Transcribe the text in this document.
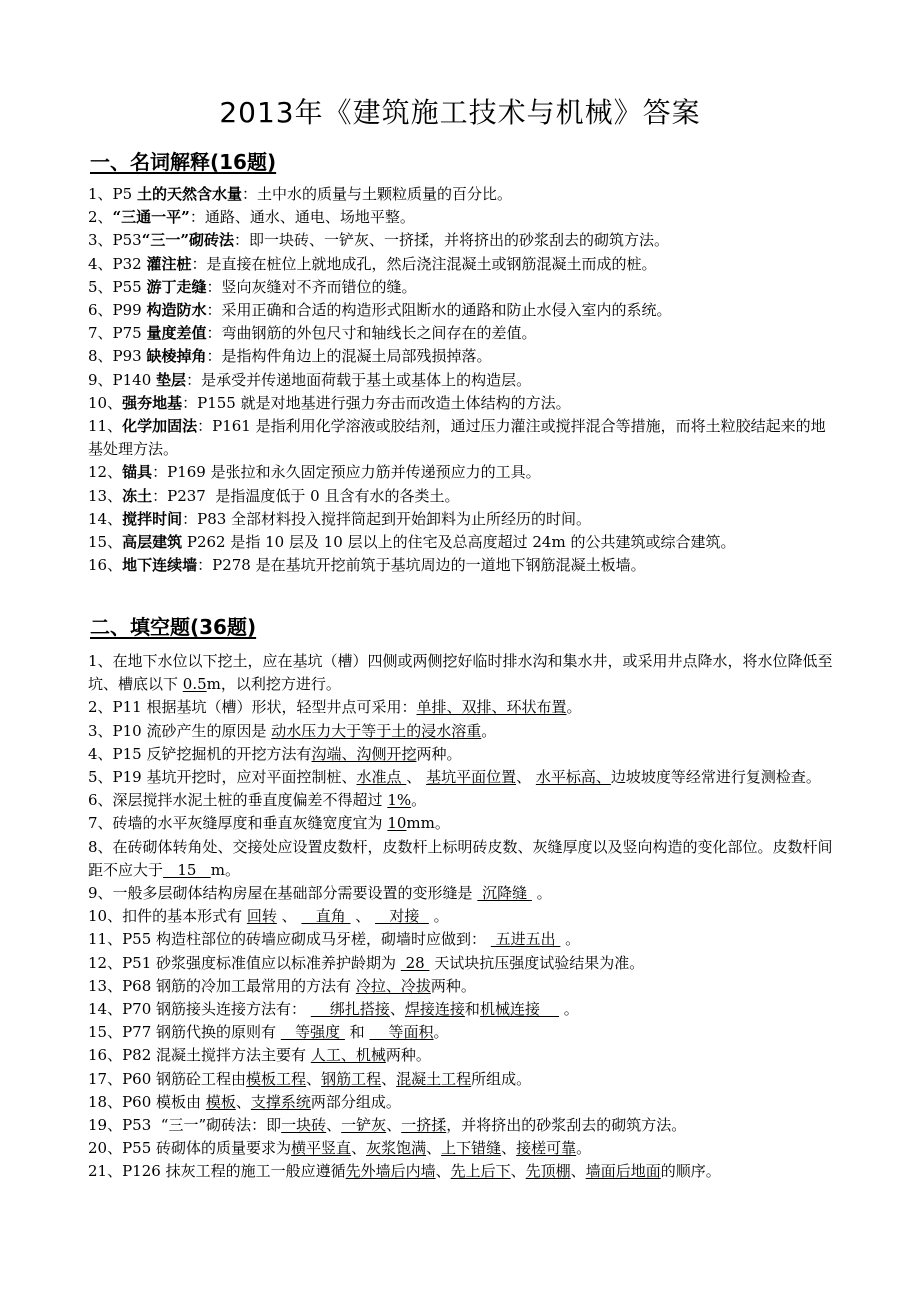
2013年《建筑施工技术与机械》答案
一、名词解释(16题)
1、P5 土的天然含水量：土中水的质量与土颗粒质量的百分比。
2、“三通一平”：通路、通水、通电、场地平整。
3、P53“三一”砌砖法：即一块砖、一铲灰、一挤揉，并将挤出的砂浆刮去的砌筑方法。
4、P32 灌注桩：是直接在桩位上就地成孔，然后浇注混凝土或钢筋混凝土而成的桩。
5、P55 游丁走缝：竖向灰缝对不齐而错位的缝。
6、P99 构造防水：采用正确和合适的构造形式阻断水的通路和防止水侵入室内的系统。
7、P75 量度差值：弯曲钢筋的外包尺寸和轴线长之间存在的差值。
8、P93 缺棱掉角：是指构件角边上的混凝土局部残损掉落。
9、P140 垫层：是承受并传递地面荷载于基土或基体上的构造层。
10、强夯地基：P155 就是对地基进行强力夯击而改造土体结构的方法。
11、化学加固法：P161 是指利用化学溶液或胶结剂，通过压力灌注或搅拌混合等措施，而将土粒胶结起来的地基处理方法。
12、锚具：P169 是张拉和永久固定预应力筋并传递预应力的工具。
13、冻土：P237  是指温度低于 0 且含有水的各类土。
14、搅拌时间：P83 全部材料投入搅拌筒起到开始卸料为止所经历的时间。
15、高层建筑 P262 是指 10 层及 10 层以上的住宅及总高度超过 24m 的公共建筑或综合建筑。
16、地下连续墙：P278 是在基坑开挖前筑于基坑周边的一道地下钢筋混凝土板墙。
二、填空题(36题)
1、在地下水位以下挖土，应在基坑（槽）四侧或两侧挖好临时排水沟和集水井，或采用井点降水，将水位降低至坑、槽底以下 0.5m，以利挖方进行。
2、P11 根据基坑（槽）形状，轻型井点可采用：单排、双排、环状布置。
3、P10 流砂产生的原因是 动水压力大于等于土的浸水溶重。
4、P15 反铲挖掘机的开挖方法有沟端、沟侧开挖两种。
5、P19 基坑开挖时，应对平面控制桩、水准点 、 基坑平面位置、 水平标高、边坡坡度等经常进行复测检查。
6、深层搅拌水泥土桩的垂直度偏差不得超过 1%。
7、砖墙的水平灰缝厚度和垂直灰缝宽度宜为 10mm。
8、在砖砌体转角处、交接处应设置皮数杆，皮数杆上标明砖皮数、灰缝厚度以及竖向构造的变化部位。皮数杆间距不应大于   15   m。
9、一般多层砌体结构房屋在基础部分需要设置的变形缝是  沉降缝  。
10、扣件的基本形式有 回转 、    直角  、    对接   。
11、P55 构造柱部位的砖墙应砌成马牙槎，砌墙时应做到：  五进五出  。
12、P51 砂浆强度标准值应以标准养护龄期为  28  天试块抗压强度试验结果为准。
13、P68 钢筋的冷加工最常用的方法有 冷拉、冷拔两种。
14、P70 钢筋接头连接方法有：     绑扎搭接、焊接连接和机械连接     。
15、P77 钢筋代换的原则有    等强度  和     等面积。
16、P82 混凝土搅拌方法主要有 人工、机械两种。
17、P60 钢筋砼工程由模板工程、钢筋工程、混凝土工程所组成。
18、P60 模板由 模板、支撑系统两部分组成。
19、P53  “三一”砌砖法：即一块砖、一铲灰、一挤揉，并将挤出的砂浆刮去的砌筑方法。
20、P55 砖砌体的质量要求为横平竖直、灰浆饱满、上下错缝、接槎可靠。
21、P126 抹灰工程的施工一般应遵循先外墙后内墙、先上后下、先顶棚、墙面后地面的顺序。
